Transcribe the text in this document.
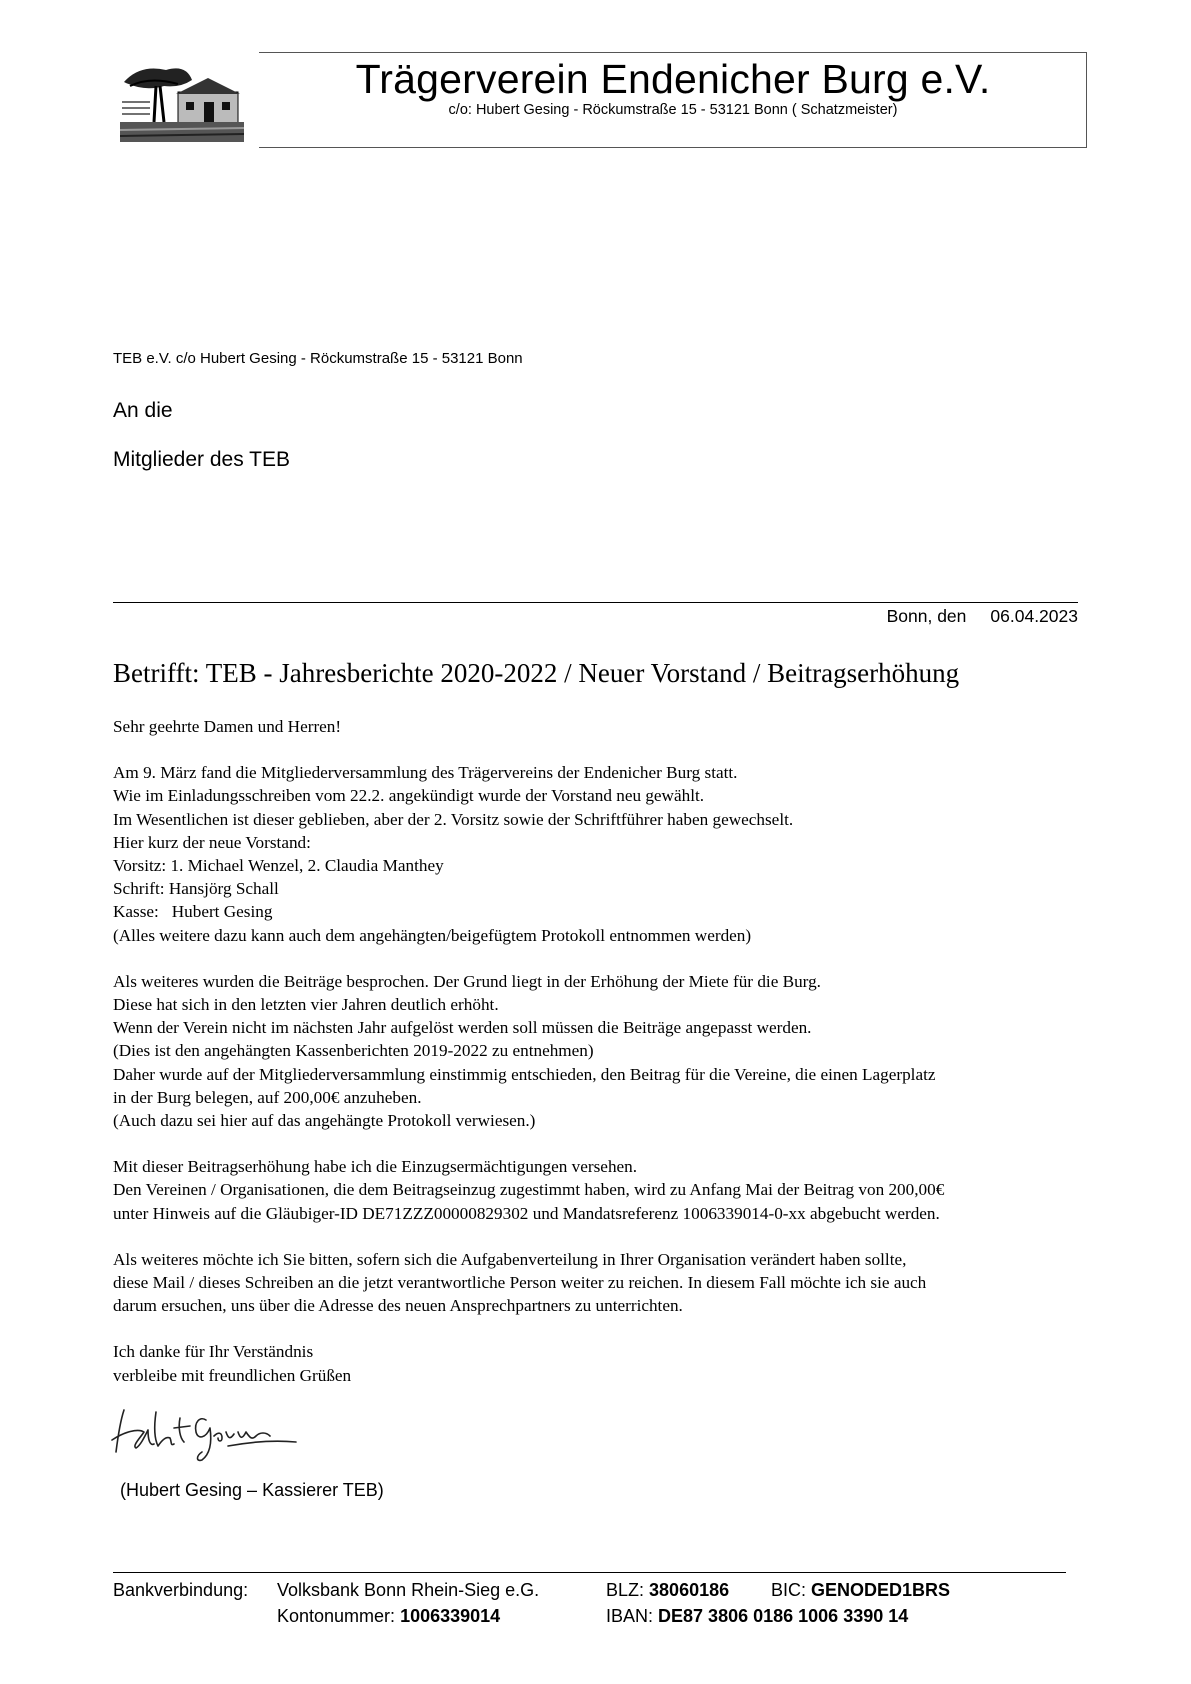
Trägerverein Endenicher Burg e.V.
c/o: Hubert Gesing - Röckumstraße 15 - 53121 Bonn ( Schatzmeister)
TEB e.V. c/o Hubert Gesing - Röckumstraße 15 - 53121 Bonn
An die
Mitglieder des TEB
Bonn, den 06.04.2023
Betrifft: TEB - Jahresberichte 2020-2022 / Neuer Vorstand / Beitragserhöhung
Sehr geehrte Damen und Herren!
Am 9. März fand die Mitgliederversammlung des Trägervereins der Endenicher Burg statt.
Wie im Einladungsschreiben vom 22.2. angekündigt wurde der Vorstand neu gewählt.
Im Wesentlichen ist dieser geblieben, aber der 2. Vorsitz sowie der Schriftführer haben gewechselt.
Hier kurz der neue Vorstand:
Vorsitz: 1. Michael Wenzel, 2. Claudia Manthey
Schrift: Hansjörg Schall
Kasse:   Hubert Gesing
(Alles weitere dazu kann auch dem angehängten/beigefügtem Protokoll entnommen werden)
Als weiteres wurden die Beiträge besprochen. Der Grund liegt in der Erhöhung der Miete für die Burg.
Diese hat sich in den letzten vier Jahren deutlich erhöht.
Wenn der Verein nicht im nächsten Jahr aufgelöst werden soll müssen die Beiträge angepasst werden.
(Dies ist den angehängten Kassenberichten 2019-2022 zu entnehmen)
Daher wurde auf der Mitgliederversammlung einstimmig entschieden, den Beitrag für die Vereine, die einen Lagerplatz
in der Burg belegen, auf 200,00€ anzuheben.
(Auch dazu sei hier auf das angehängte Protokoll verwiesen.)
Mit dieser Beitragserhöhung habe ich die Einzugsermächtigungen versehen.
Den Vereinen / Organisationen, die dem Beitragseinzug zugestimmt haben, wird zu Anfang Mai der Beitrag von 200,00€
unter Hinweis auf die Gläubiger-ID DE71ZZZ00000829302 und Mandatsreferenz 1006339014-0-xx abgebucht werden.
Als weiteres möchte ich Sie bitten, sofern sich die Aufgabenverteilung in Ihrer Organisation verändert haben sollte,
diese Mail / dieses Schreiben an die jetzt verantwortliche Person weiter zu reichen. In diesem Fall möchte ich sie auch
darum ersuchen, uns über die Adresse des neuen Ansprechpartners zu unterrichten.
Ich danke für Ihr Verständnis
verbleibe mit freundlichen Grüßen
(Hubert Gesing – Kassierer TEB)
Bankverbindung: Volksbank Bonn Rhein-Sieg e.G.	BLZ: 38060186 BIC: GENODED1BRS
Kontonummer: 1006339014	IBAN: DE87 3806 0186 1006 3390 14
